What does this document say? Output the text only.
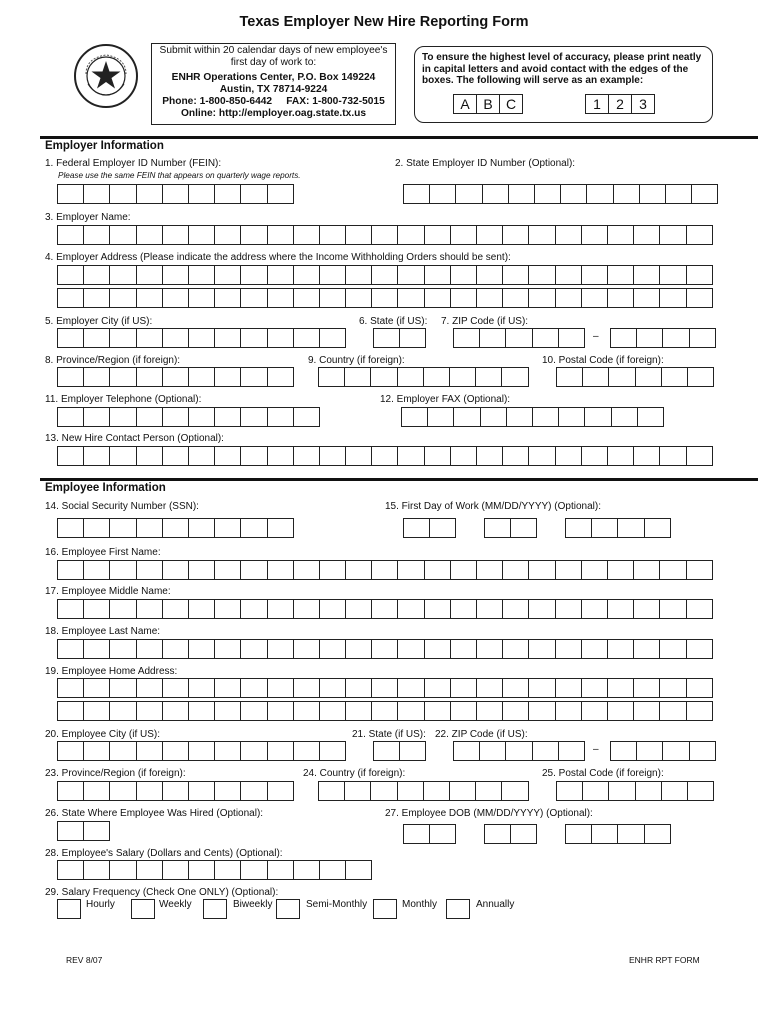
Texas Employer New Hire Reporting Form
Submit within 20 calendar days of new employee's
first day of work to:
ENHR Operations Center, P.O. Box 149224
Austin, TX 78714-9224
Phone: 1-800-850-6442     FAX: 1-800-732-5015
Online: http://employer.oag.state.tx.us
To ensure the highest level of accuracy, please print neatly in capital letters and avoid contact with the edges of the boxes. The following will serve as an example:
A B C	1	2	3
Employer Information
1. Federal Employer ID Number (FEIN):
Please use the same FEIN that appears on quarterly wage reports.
2. State Employer ID Number (Optional):
3. Employer Name:
4. Employer Address (Please indicate the address where the Income Withholding Orders should be sent):
5. Employer City (if US):	6. State (if US): 7. ZIP Code (if US):
–
8. Province/Region (if foreign):	9. Country (if foreign):	10. Postal Code (if foreign):
11. Employer Telephone (Optional):	12. Employer FAX (Optional):
13. New Hire Contact Person (Optional):
Employee Information
14. Social Security Number (SSN):	15. First Day of Work (MM/DD/YYYY) (Optional):
16. Employee First Name:
17. Employee Middle Name:
18. Employee Last Name:
19. Employee Home Address:
20. Employee City (if US):	21. State (if US): 22. ZIP Code (if US):
–
23. Province/Region (if foreign):	24. Country (if foreign):	25. Postal Code (if foreign):
26. State Where Employee Was Hired (Optional):	27. Employee DOB (MM/DD/YYYY) (Optional):
28. Employee's Salary (Dollars and Cents) (Optional):
29. Salary Frequency (Check One ONLY) (Optional):
Hourly	Weekly	Biweekly	Semi-Monthly	Monthly	Annually
REV 8/07	ENHR RPT FORM
